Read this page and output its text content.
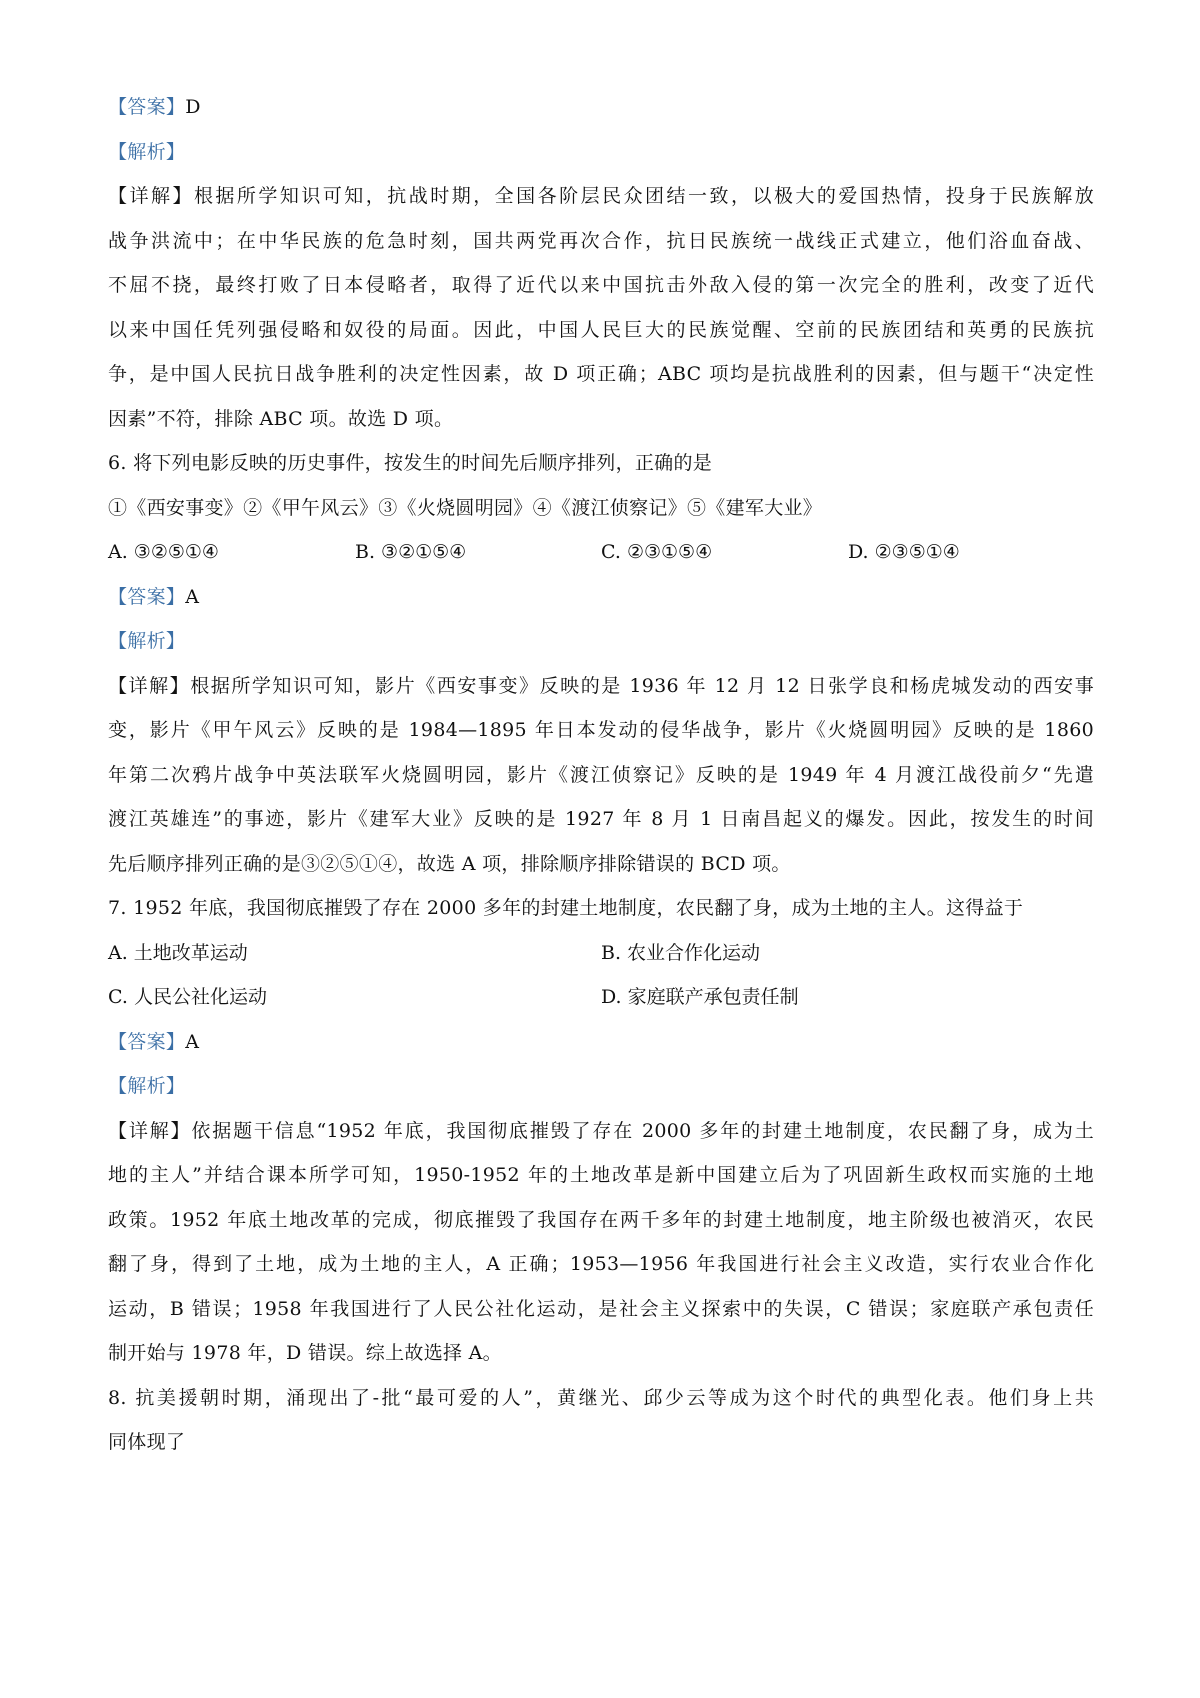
【答案】D
【解析】
【详解】根据所学知识可知，抗战时期，全国各阶层民众团结一致，以极大的爱国热情，投身于民族解放
战争洪流中；在中华民族的危急时刻，国共两党再次合作，抗日民族统一战线正式建立，他们浴血奋战、
不屈不挠，最终打败了日本侵略者，取得了近代以来中国抗击外敌入侵的第一次完全的胜利，改变了近代
以来中国任凭列强侵略和奴役的局面。因此，中国人民巨大的民族觉醒、空前的民族团结和英勇的民族抗
争，是中国人民抗日战争胜利的决定性因素，故 D 项正确；ABC 项均是抗战胜利的因素，但与题干“决定性
因素”不符，排除 ABC 项。故选 D 项。
6. 将下列电影反映的历史事件，按发生的时间先后顺序排列，正确的是
①《西安事变》②《甲午风云》③《火烧圆明园》④《渡江侦察记》⑤《建军大业》
A. ③②⑤①④	B. ③②①⑤④	C. ②③①⑤④	D. ②③⑤①④
【答案】A
【解析】
【详解】根据所学知识可知，影片《西安事变》反映的是 1936 年 12 月 12 日张学良和杨虎城发动的西安事
变，影片《甲午风云》反映的是 1984—1895 年日本发动的侵华战争，影片《火烧圆明园》反映的是 1860
年第二次鸦片战争中英法联军火烧圆明园，影片《渡江侦察记》反映的是 1949 年 4 月渡江战役前夕“先遣
渡江英雄连”的事迹，影片《建军大业》反映的是 1927 年 8 月 1 日南昌起义的爆发。因此，按发生的时间
先后顺序排列正确的是③②⑤①④，故选 A 项，排除顺序排除错误的 BCD 项。
7. 1952 年底，我国彻底摧毁了存在 2000 多年的封建土地制度，农民翻了身，成为土地的主人。这得益于
A. 土地改革运动	B. 农业合作化运动
C. 人民公社化运动	D. 家庭联产承包责任制
【答案】A
【解析】
【详解】依据题干信息“1952 年底，我国彻底摧毁了存在 2000 多年的封建土地制度，农民翻了身，成为土
地的主人”并结合课本所学可知，1950-1952 年的土地改革是新中国建立后为了巩固新生政权而实施的土地
政策。1952 年底土地改革的完成，彻底摧毁了我国存在两千多年的封建土地制度，地主阶级也被消灭，农民
翻了身，得到了土地，成为土地的主人，A 正确；1953—1956 年我国进行社会主义改造，实行农业合作化
运动，B 错误；1958 年我国进行了人民公社化运动，是社会主义探索中的失误，C 错误；家庭联产承包责任
制开始与 1978 年，D 错误。综上故选择 A。
8. 抗美援朝时期，涌现出了-批“最可爱的人”，黄继光、邱少云等成为这个时代的典型化表。他们身上共
同体现了
